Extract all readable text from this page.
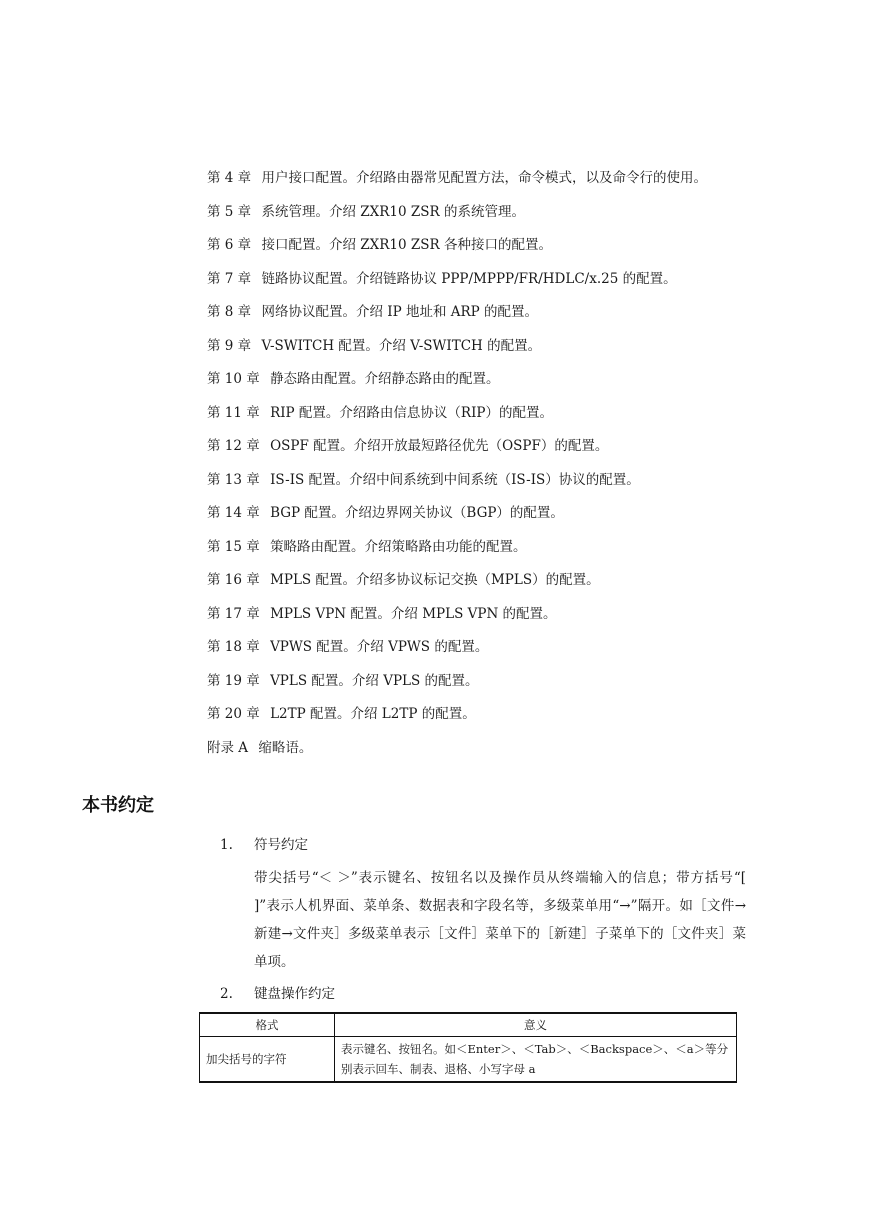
第 4 章 用户接口配置。介绍路由器常见配置方法，命令模式，以及命令行的使用。
第 5 章 系统管理。介绍 ZXR10 ZSR 的系统管理。
第 6 章 接口配置。介绍 ZXR10 ZSR 各种接口的配置。
第 7 章 链路协议配置。介绍链路协议 PPP/MPPP/FR/HDLC/x.25 的配置。
第 8 章 网络协议配置。介绍 IP 地址和 ARP 的配置。
第 9 章 V-SWITCH 配置。介绍 V-SWITCH 的配置。
第 10 章 静态路由配置。介绍静态路由的配置。
第 11 章 RIP 配置。介绍路由信息协议（RIP）的配置。
第 12 章 OSPF 配置。介绍开放最短路径优先（OSPF）的配置。
第 13 章 IS-IS 配置。介绍中间系统到中间系统（IS-IS）协议的配置。
第 14 章 BGP 配置。介绍边界网关协议（BGP）的配置。
第 15 章 策略路由配置。介绍策略路由功能的配置。
第 16 章 MPLS 配置。介绍多协议标记交换（MPLS）的配置。
第 17 章 MPLS VPN 配置。介绍 MPLS VPN 的配置。
第 18 章 VPWS 配置。介绍 VPWS 的配置。
第 19 章 VPLS 配置。介绍 VPLS 的配置。
第 20 章 L2TP 配置。介绍 L2TP 的配置。
附录 A 缩略语。
本书约定
1. 符号约定

带尖括号“＜ ＞”表示键名、按钮名以及操作员从终端输入的信息；带方括号“[ ]”表示人机界面、菜单条、数据表和字段名等，多级菜单用“→”隔开。如［文件→新建→文件夹］多级菜单表示［文件］菜单下的［新建］子菜单下的［文件夹］菜单项。

2. 键盘操作约定
格式	意义
加尖括号的字符	表示键名、按钮名。如＜Enter＞、＜Tab＞、＜Backspace＞、＜a＞等分别表示回车、制表、退格、小写字母 a
